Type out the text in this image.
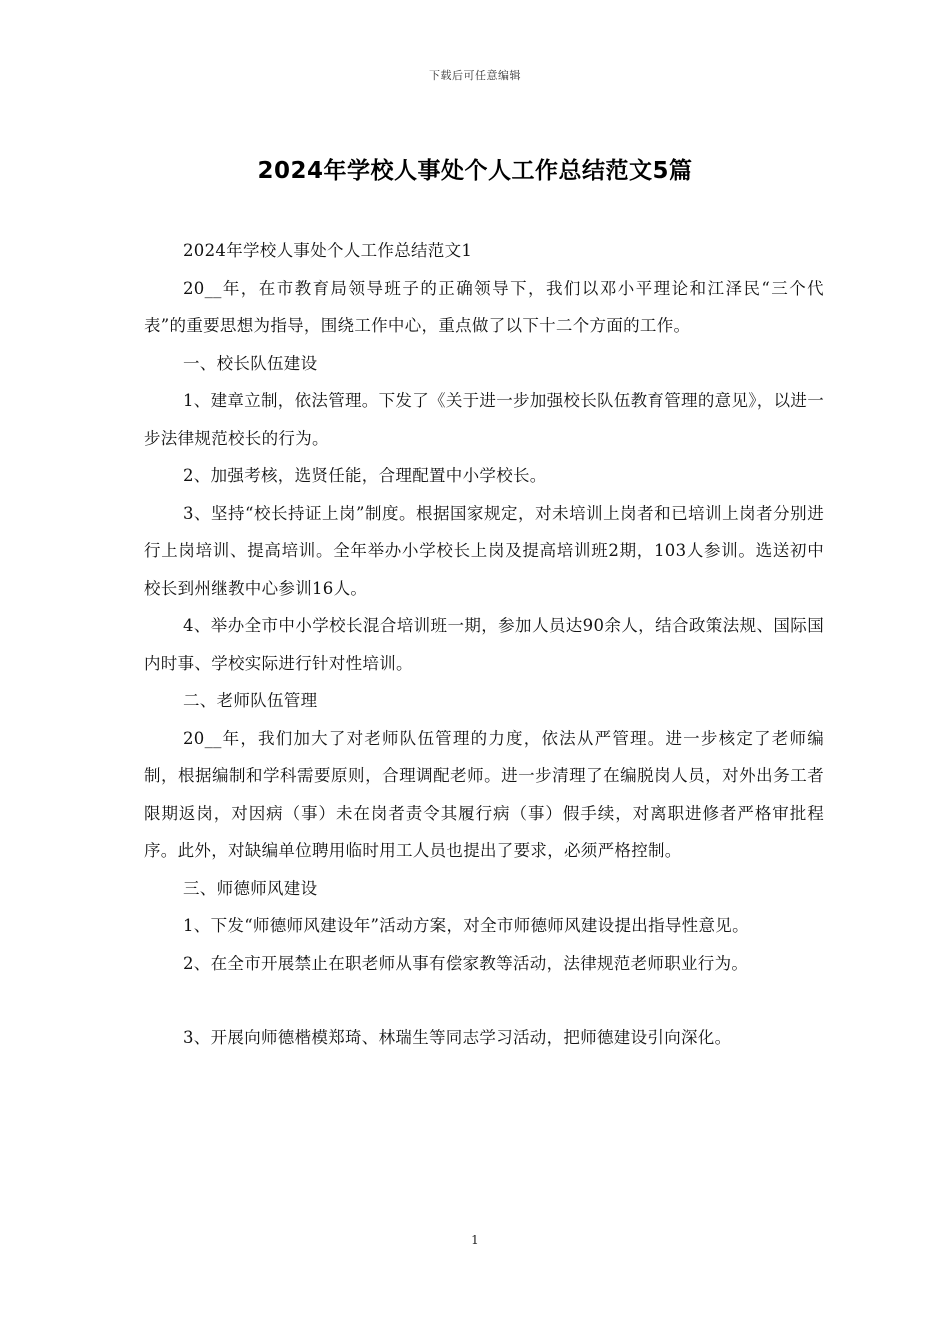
下载后可任意编辑
2024年学校人事处个人工作总结范文5篇

2024年学校人事处个人工作总结范文1

20__年，在市教育局领导班子的正确领导下，我们以邓小平理论和江泽民“三个代表”的重要思想为指导，围绕工作中心，重点做了以下十二个方面的工作。

一、校长队伍建设

1、建章立制，依法管理。下发了《关于进一步加强校长队伍教育管理的意见》，以进一步法律规范校长的行为。

2、加强考核，选贤任能，合理配置中小学校长。

3、坚持“校长持证上岗”制度。根据国家规定，对未培训上岗者和已培训上岗者分别进行上岗培训、提高培训。全年举办小学校长上岗及提高培训班2期，103人参训。选送初中校长到州继教中心参训16人。

4、举办全市中小学校长混合培训班一期，参加人员达90余人，结合政策法规、国际国内时事、学校实际进行针对性培训。

二、老师队伍管理

20__年，我们加大了对老师队伍管理的力度，依法从严管理。进一步核定了老师编制，根据编制和学科需要原则，合理调配老师。进一步清理了在编脱岗人员，对外出务工者限期返岗，对因病（事）未在岗者责令其履行病（事）假手续，对离职进修者严格审批程序。此外，对缺编单位聘用临时用工人员也提出了要求，必须严格控制。

三、师德师风建设

1、下发“师德师风建设年”活动方案，对全市师德师风建设提出指导性意见。

2、在全市开展禁止在职老师从事有偿家教等活动，法律规范老师职业行为。

3、开展向师德楷模郑琦、林瑞生等同志学习活动，把师德建设引向深化。

1
